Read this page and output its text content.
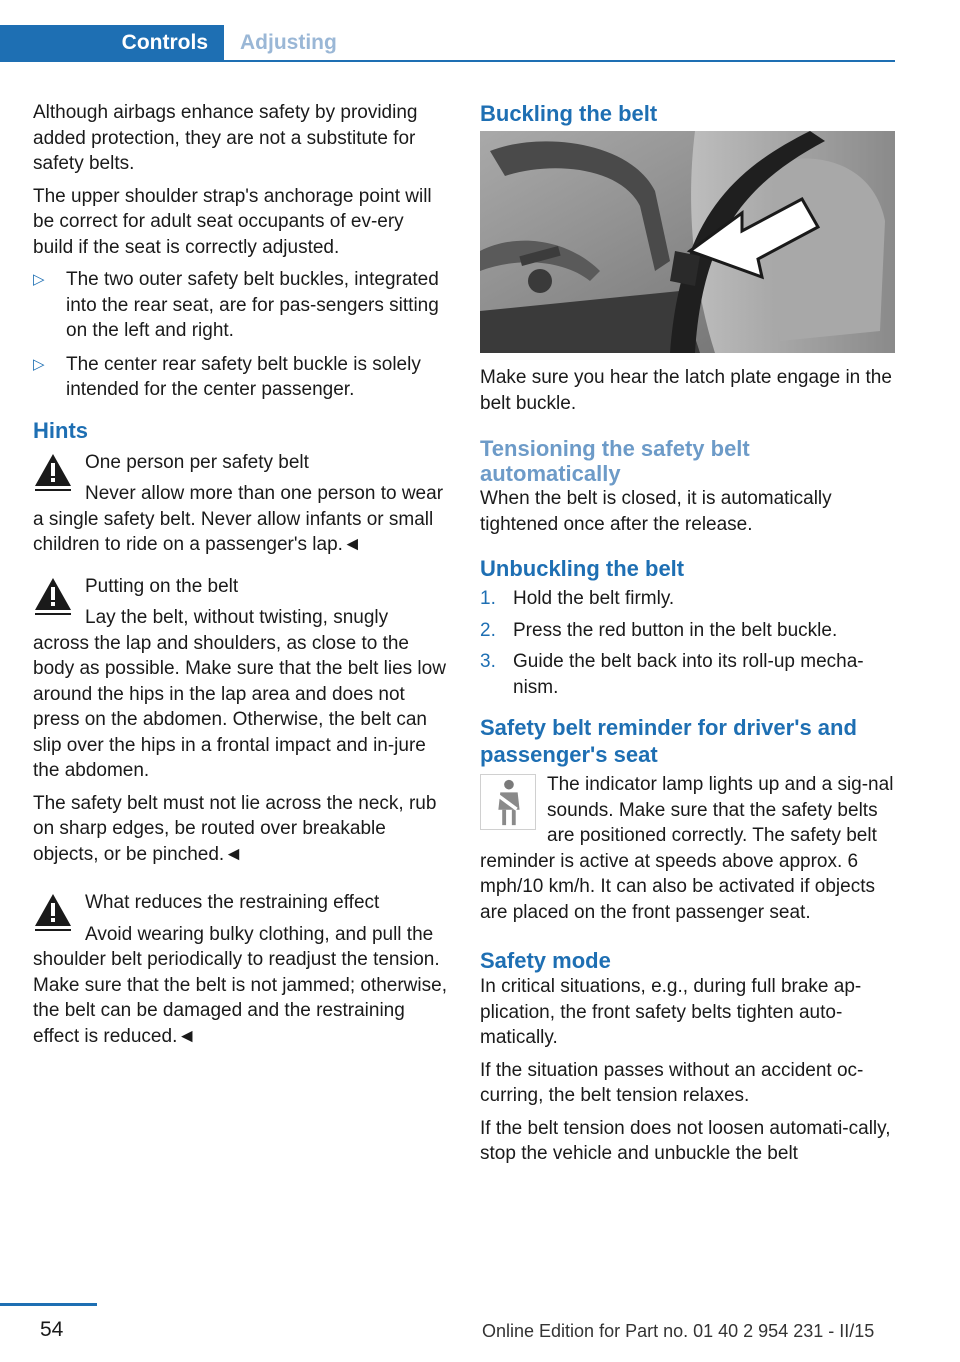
Controls	Adjusting

Although airbags enhance safety by providing added protection, they are not a substitute for safety belts.

The upper shoulder strap's anchorage point will be correct for adult seat occupants of ev‐ery build if the seat is correctly adjusted.

▷ The two outer safety belt buckles, integrated into the rear seat, are for pas‐sengers sitting on the left and right.
▷ The center rear safety belt buckle is solely intended for the center passenger.
Hints
One person per safety belt
Never allow more than one person to wear a single safety belt. Never allow infants or small children to ride on a passenger's lap.◄
Putting on the belt

Lay the belt, without twisting, snugly across the lap and shoulders, as close to the body as possible. Make sure that the belt lies low around the hips in the lap area and does not press on the abdomen. Otherwise, the belt can slip over the hips in a frontal impact and in‐jure the abdomen.

The safety belt must not lie across the neck, rub on sharp edges, be routed over breakable objects, or be pinched.◄

What reduces the restraining effect
Avoid wearing bulky clothing, and pull the shoulder belt periodically to readjust the tension. Make sure that the belt is not jammed; otherwise, the belt can be damaged and the restraining effect is reduced.◄
Buckling the belt

Make sure you hear the latch plate engage in the belt buckle.

Tensioning the safety belt automatically

When the belt is closed, it is automatically tightened once after the release.

Unbuckling the belt
1. Hold the belt firmly.
2. Press the red button in the belt buckle.
3. Guide the belt back into its roll-up mecha‐nism.
Safety belt reminder for driver's and passenger's seat
The indicator lamp lights up and a sig‐nal sounds. Make sure that the safety belts are positioned correctly. The safety belt reminder is active at speeds above approx. 6 mph/10 km/h. It can also be activated if objects are placed on the front passenger seat.
Safety mode

In critical situations, e.g., during full brake ap‐plication, the front safety belts tighten auto‐matically.

If the situation passes without an accident oc‐curring, the belt tension relaxes.

If the belt tension does not loosen automati‐cally, stop the vehicle and unbuckle the belt

54	Online Edition for Part no. 01 40 2 954 231 - II/15
